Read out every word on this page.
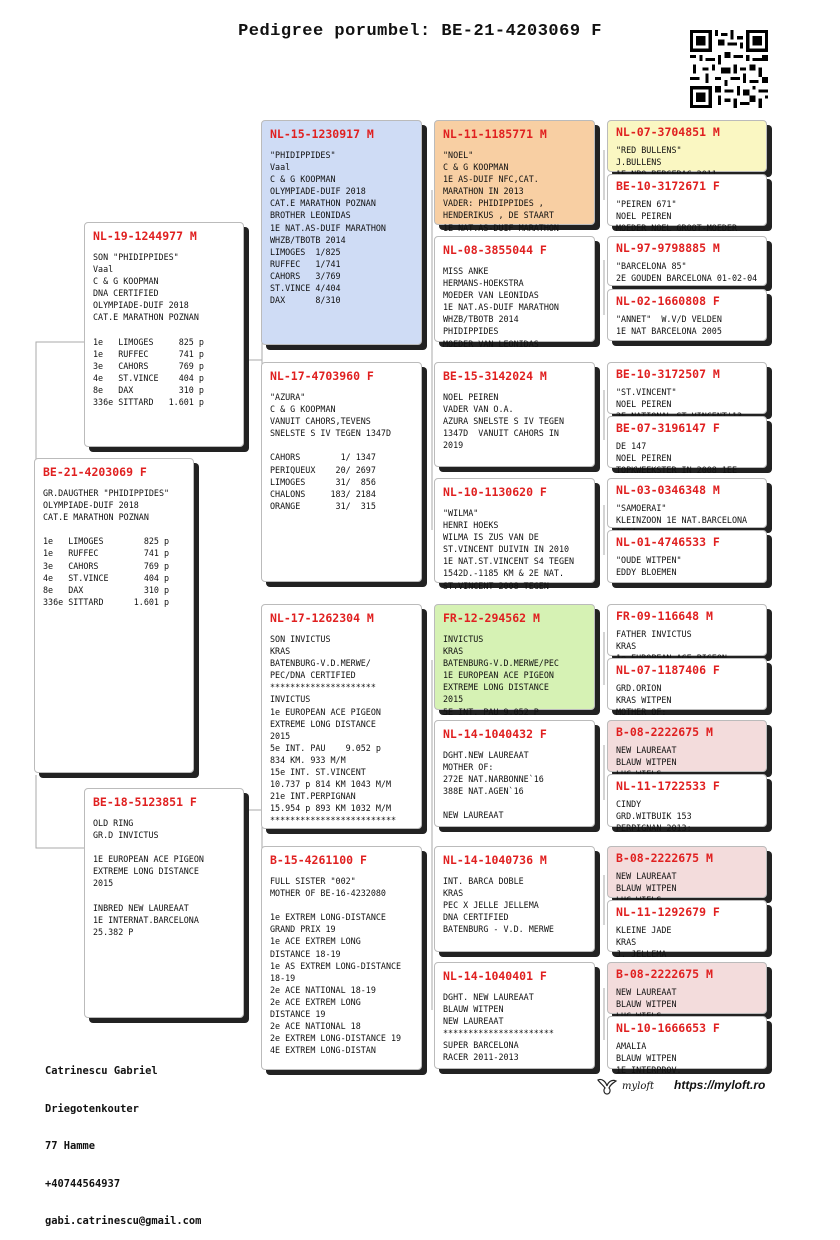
Pedigree porumbel: BE-21-4203069 F
BE-21-4203069 F
GR.DAUGTHER "PHIDIPPIDES"
OLYMPIADE-DUIF 2018
CAT.E MARATHON POZNAN

1e   LIMOGES        825 p
1e   RUFFEC         741 p
3e   CAHORS         769 p
4e   ST.VINCE       404 p
8e   DAX            310 p
336e SITTARD      1.601 p
NL-19-1244977 M
SON "PHIDIPPIDES"
Vaal
C & G KOOPMAN
DNA CERTIFIED
OLYMPIADE-DUIF 2018
CAT.E MARATHON POZNAN

1e   LIMOGES     825 p
1e   RUFFEC      741 p
3e   CAHORS      769 p
4e   ST.VINCE    404 p
8e   DAX         310 p
336e SITTARD   1.601 p
BE-18-5123851 F
OLD RING
GR.D INVICTUS

1E EUROPEAN ACE PIGEON
EXTREME LONG DISTANCE
2015

INBRED NEW LAUREAAT
1E INTERNAT.BARCELONA
25.382 P
NL-15-1230917 M
"PHIDIPPIDES"
Vaal
C & G KOOPMAN
OLYMPIADE-DUIF 2018
CAT.E MARATHON POZNAN
BROTHER LEONIDAS
1E NAT.AS-DUIF MARATHON
WHZB/TBOTB 2014
LIMOGES  1/825
RUFFEC   1/741
CAHORS   3/769
ST.VINCE 4/404
DAX      8/310
NL-17-4703960 F
"AZURA"
C & G KOOPMAN
VANUIT CAHORS,TEVENS
SNELSTE S IV TEGEN 1347D

CAHORS        1/ 1347
PERIQUEUX    20/ 2697
LIMOGES      31/  856
CHALONS     183/ 2184
ORANGE       31/  315
NL-17-1262304 M
SON INVICTUS
KRAS
BATENBURG-V.D.MERWE/
PEC/DNA CERTIFIED
*********************
INVICTUS
1e EUROPEAN ACE PIGEON
EXTREME LONG DISTANCE
2015
5e INT. PAU    9.052 p
834 KM. 933 M/M
15e INT. ST.VINCENT
10.737 p 814 KM 1043 M/M
21e INT.PERPIGNAN
15.954 p 893 KM 1032 M/M
*************************
B-15-4261100 F
FULL SISTER "002"
MOTHER OF BE-16-4232080

1e EXTREM LONG-DISTANCE
GRAND PRIX 19
1e ACE EXTREM LONG
DISTANCE 18-19
1e AS EXTREM LONG-DISTANCE
18-19
2e ACE NATIONAL 18-19
2e ACE EXTREM LONG
DISTANCE 19
2e ACE NATIONAL 18
2e EXTREM LONG-DISTANCE 19
4E EXTREM LONG-DISTAN
NL-11-1185771 M
"NOEL"
C & G KOOPMAN
1E AS-DUIF NFC,CAT.
MARATHON IN 2013
VADER: PHIDIPPIDES ,
HENDERIKUS , DE STAART
1E NAT.AS-DUIF MARATHON
NL-08-3855044 F
MISS ANKE
HERMANS-HOEKSTRA
MOEDER VAN LEONIDAS
1E NAT.AS-DUIF MARATHON
WHZB/TBOTB 2014
PHIDIPPIDES
MOEDER VAN LEONIDAS
BE-15-3142024 M
NOEL PEIREN
VADER VAN O.A.
AZURA SNELSTE S IV TEGEN
1347D  VANUIT CAHORS IN
2019
NL-10-1130620 F
"WILMA"
HENRI HOEKS
WILMA IS ZUS VAN DE
ST.VINCENT DUIVIN IN 2010
1E NAT.ST.VINCENT S4 TEGEN
1542D.-1185 KM & 2E NAT.
ST.VINCENT 2008 TEGEN
FR-12-294562 M
INVICTUS
KRAS
BATENBURG-V.D.MERWE/PEC
1E EUROPEAN ACE PIGEON
EXTREME LONG DISTANCE
2015
5E INT. PAU 9.052 P
NL-14-1040432 F
DGHT.NEW LAUREAAT
MOTHER OF:
272E NAT.NARBONNE`16
388E NAT.AGEN`16

NEW LAUREAAT
NL-14-1040736 M
INT. BARCA DOBLE
KRAS
PEC X JELLE JELLEMA
DNA CERTIFIED
BATENBURG - V.D. MERWE
NL-14-1040401 F
DGHT. NEW LAUREAAT
BLAUW WITPEN
NEW LAUREAAT
**********************
SUPER BARCELONA
RACER 2011-2013
NL-07-3704851 M
"RED BULLENS"
J.BULLENS

BE-10-3172671 F
"PEIREN 671"
NOEL PEIREN
MOEDER NOEL GROOT-MOEDER
NL-97-9798885 M
"BARCELONA 85"
2E GOUDEN BARCELONA 01-02-04
NL-02-1660808 F
"ANNET"  W.V/D VELDEN
1E NAT BARCELONA 2005
BE-10-3172507 M
"ST.VINCENT"
NOEL PEIREN

BE-07-3196147 F
DE 147
NOEL PEIREN
TOPKWEEKSTER IN 2008 1EE
NL-03-0346348 M
"SAMOERAI"
KLEINZOON 1E NAT.BARCELONA

NL-01-4746533 F
"OUDE WITPEN"
EDDY BLOEMEN
FR-09-116648 M
FATHER INVICTUS
KRAS

NL-07-1187406 F
GRD.ORION
KRAS WITPEN
MOTHER OF:
B-08-2222675 M
NEW LAUREAAT
BLAUW WITPEN

NL-11-1722533 F
CINDY
GRD.WITBUIK 153
PERPIGNAN 2013:
B-08-2222675 M
NEW LAUREAAT
BLAUW WITPEN

NL-11-1292679 F
KLEINE JADE
KRAS
J. JELLEMA
B-08-2222675 M
NEW LAUREAAT
BLAUW WITPEN

NL-10-1666653 F
AMALIA
BLAUW WITPEN
1E INTERPROV.

Catrinescu Gabriel

Driegotenkouter

77 Hamme

+40744564937

gabi.catrinescu@gmail.com

myloft https://myloft.ro
